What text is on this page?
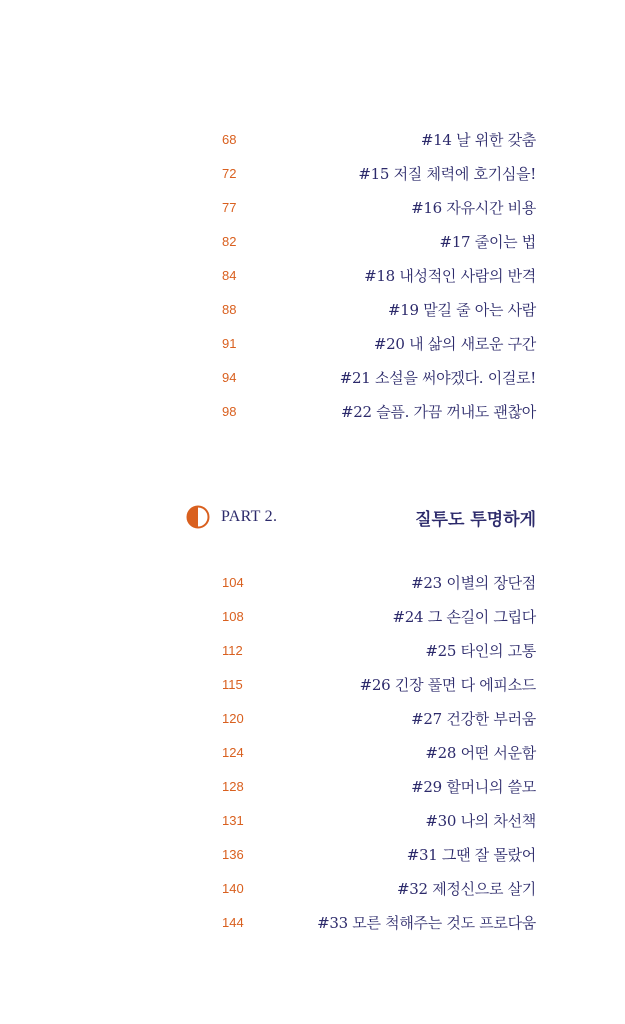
68	#14 날 위한 갖춤
72	#15 저질 체력에 호기심을!
77	#16 자유시간 비용
82	#17 줄이는 법
84	#18 내성적인 사람의 반격
88	#19 맡길 줄 아는 사람
91	#20 내 삶의 새로운 구간
94	#21 소설을 써야겠다. 이걸로!
98	#22 슬픔. 가끔 꺼내도 괜찮아
PART 2.	질투도 투명하게
104	#23 이별의 장단점
108	#24 그 손길이 그립다
112	#25 타인의 고통
115	#26 긴장 풀면 다 에피소드
120	#27 건강한 부러움
124	#28 어떤 서운함
128	#29 할머니의 쓸모
131	#30 나의 차선책
136	#31 그땐 잘 몰랐어
140	#32 제정신으로 살기
144	#33 모른 척해주는 것도 프로다움
